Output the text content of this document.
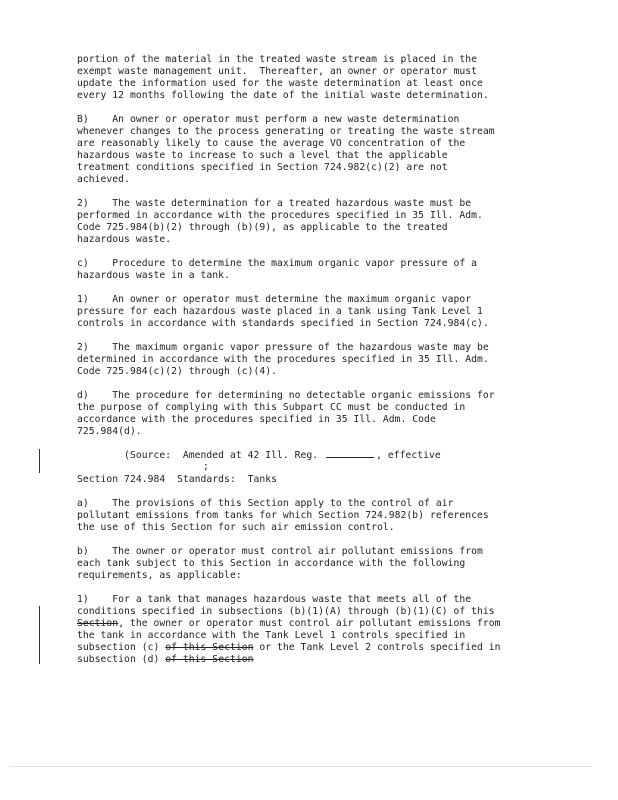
portion of the material in the treated waste stream is placed in the
exempt waste management unit.  Thereafter, an owner or operator must
update the information used for the waste determination at least once
every 12 months following the date of the initial waste determination.
B)    An owner or operator must perform a new waste determination
whenever changes to the process generating or treating the waste stream
are reasonably likely to cause the average VO concentration of the
hazardous waste to increase to such a level that the applicable
treatment conditions specified in Section 724.982(c)(2) are not
achieved.
2)    The waste determination for a treated hazardous waste must be
performed in accordance with the procedures specified in 35 Ill. Adm.
Code 725.984(b)(2) through (b)(9), as applicable to the treated
hazardous waste.
c)    Procedure to determine the maximum organic vapor pressure of a
hazardous waste in a tank.
1)    An owner or operator must determine the maximum organic vapor
pressure for each hazardous waste placed in a tank using Tank Level 1
controls in accordance with standards specified in Section 724.984(c).
2)    The maximum organic vapor pressure of the hazardous waste may be
determined in accordance with the procedures specified in 35 Ill. Adm.
Code 725.984(c)(2) through (c)(4).
d)    The procedure for determining no detectable organic emissions for
the purpose of complying with this Subpart CC must be conducted in
accordance with the procedures specified in 35 Ill. Adm. Code
725.984(d).
(Source:  Amended at 42 Ill. Reg.	, effective
;
Section 724.984  Standards:  Tanks
a)    The provisions of this Section apply to the control of air
pollutant emissions from tanks for which Section 724.982(b) references
the use of this Section for such air emission control.
b)    The owner or operator must control air pollutant emissions from
each tank subject to this Section in accordance with the following
requirements, as applicable:
1)    For a tank that manages hazardous waste that meets all of the
conditions specified in subsections (b)(1)(A) through (b)(1)(C) of this
Section, the owner or operator must control air pollutant emissions from
the tank in accordance with the Tank Level 1 controls specified in
subsection (c) of this Section or the Tank Level 2 controls specified in
subsection (d) of this Section
